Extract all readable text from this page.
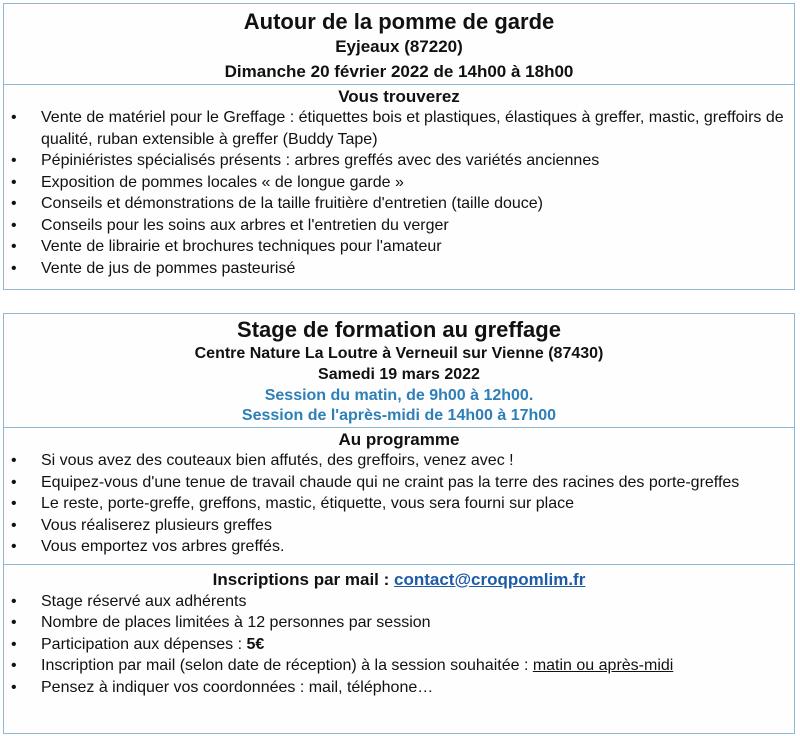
Autour de la pomme de garde
Eyjeaux (87220)
Dimanche 20 février 2022 de 14h00 à 18h00
Vous trouverez
• Vente de matériel pour le Greffage : étiquettes bois et plastiques, élastiques à greffer, mastic, greffoirs de qualité, ruban extensible à greffer (Buddy Tape)
• Pépiniéristes spécialisés présents : arbres greffés avec des variétés anciennes
• Exposition de pommes locales « de longue garde »
• Conseils et démonstrations de la taille fruitière d'entretien (taille douce)
• Conseils pour les soins aux arbres et l'entretien du verger
• Vente de librairie et brochures techniques pour l'amateur
• Vente de jus de pommes pasteurisé
Stage de formation au greffage
Centre Nature La Loutre à Verneuil sur Vienne (87430)
Samedi 19 mars 2022
Session du matin, de 9h00 à 12h00.
Session de l'après-midi de 14h00 à 17h00
Au programme
• Si vous avez des couteaux bien affutés, des greffoirs, venez avec !
• Equipez-vous d'une tenue de travail chaude qui ne craint pas la terre des racines des porte-greffes
• Le reste, porte-greffe, greffons, mastic, étiquette, vous sera fourni sur place
• Vous réaliserez plusieurs greffes
• Vous emportez vos arbres greffés.
Inscriptions par mail : contact@croqpomlim.fr
• Stage réservé aux adhérents
• Nombre de places limitées à 12 personnes par session
• Participation aux dépenses : 5€
• Inscription par mail (selon date de réception) à la session souhaitée : matin ou après-midi
• Pensez à indiquer vos coordonnées : mail, téléphone…
